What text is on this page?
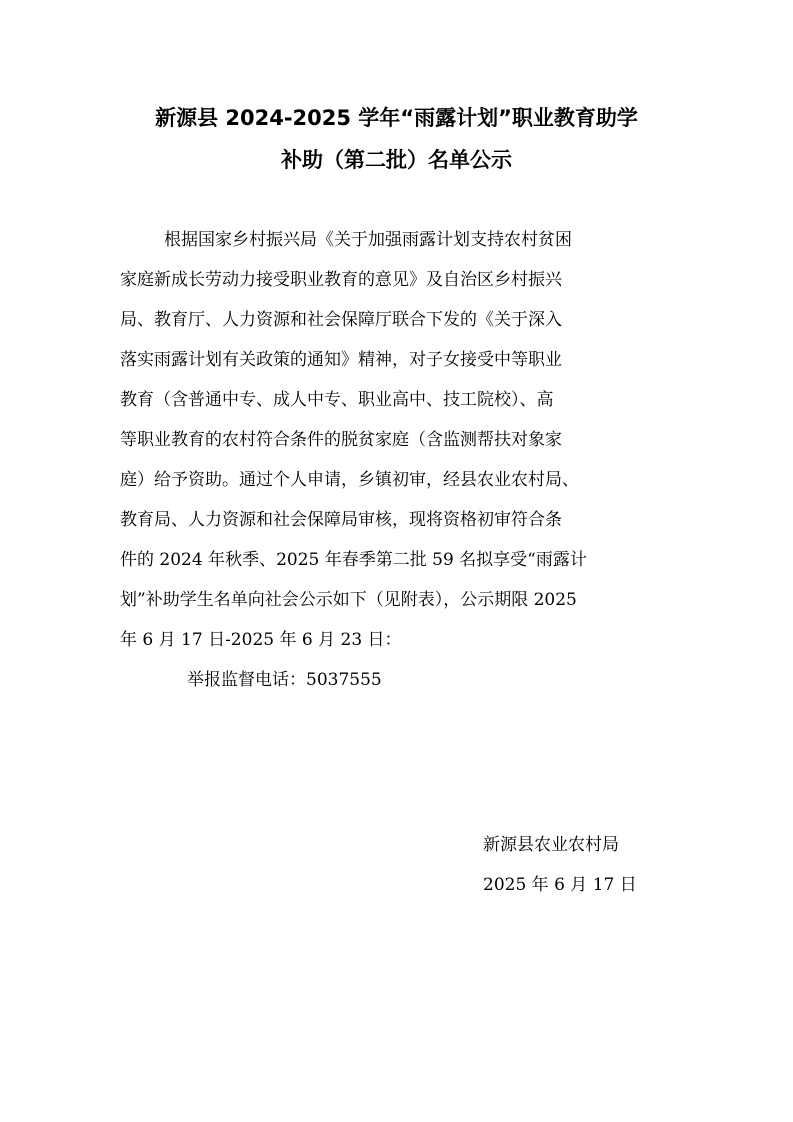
新源县 2024-2025 学年“雨露计划”职业教育助学
补助（第二批）名单公示

根据国家乡村振兴局《关于加强雨露计划支持农村贫困

家庭新成长劳动力接受职业教育的意见》及自治区乡村振兴

局、教育厅、人力资源和社会保障厅联合下发的《关于深入

落实雨露计划有关政策的通知》精神，对子女接受中等职业

教育（含普通中专、成人中专、职业高中、技工院校）、高

等职业教育的农村符合条件的脱贫家庭（含监测帮扶对象家

庭）给予资助。通过个人申请，乡镇初审，经县农业农村局、

教育局、人力资源和社会保障局审核，现将资格初审符合条

件的 2024 年秋季、2025 年春季第二批 59 名拟享受“雨露计

划”补助学生名单向社会公示如下（见附表），公示期限 2025

年 6 月 17 日-2025 年 6 月 23 日：

举报监督电话：5037555

新源县农业农村局
2025 年 6 月 17 日
